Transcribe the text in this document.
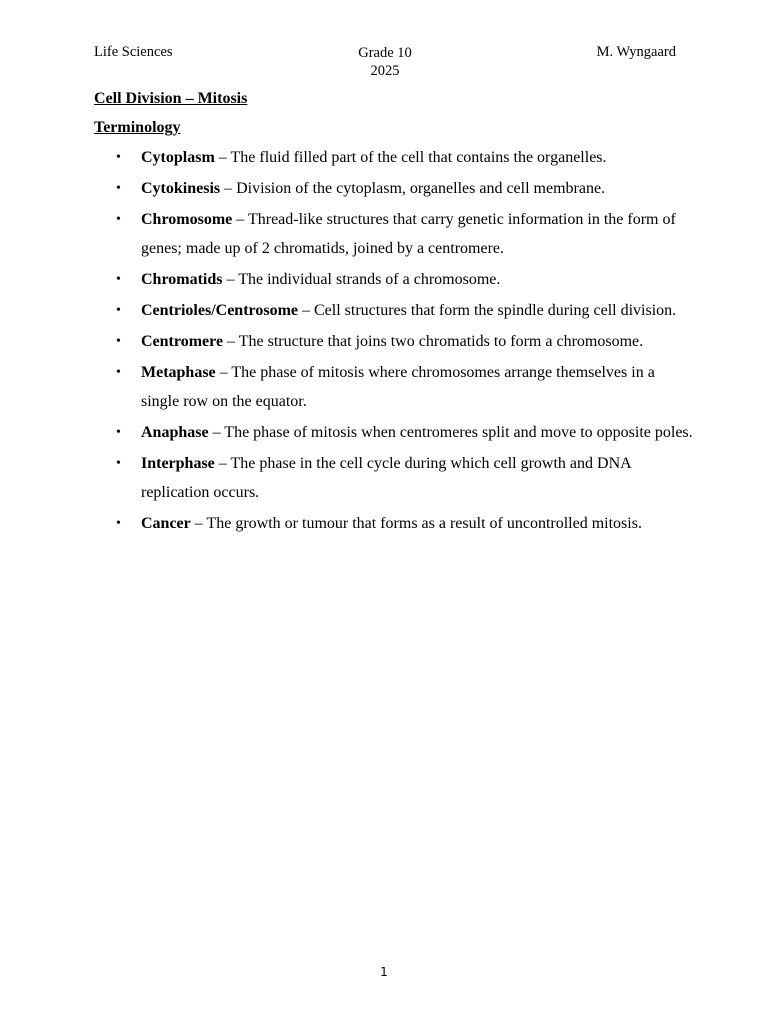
Life Sciences	Grade 10
2025
M. Wyngaard

Cell Division – Mitosis

Terminology

• Cytoplasm – The fluid filled part of the cell that contains the organelles.
• Cytokinesis – Division of the cytoplasm, organelles and cell membrane.
• Chromosome – Thread-like structures that carry genetic information in the form of genes; made up of 2 chromatids, joined by a centromere.
• Chromatids – The individual strands of a chromosome.
• Centrioles/Centrosome – Cell structures that form the spindle during cell division.
• Centromere – The structure that joins two chromatids to form a chromosome.
• Metaphase – The phase of mitosis where chromosomes arrange themselves in a single row on the equator.
• Anaphase – The phase of mitosis when centromeres split and move to opposite poles.
• Interphase – The phase in the cell cycle during which cell growth and DNA replication occurs.
• Cancer – The growth or tumour that forms as a result of uncontrolled mitosis.
1
